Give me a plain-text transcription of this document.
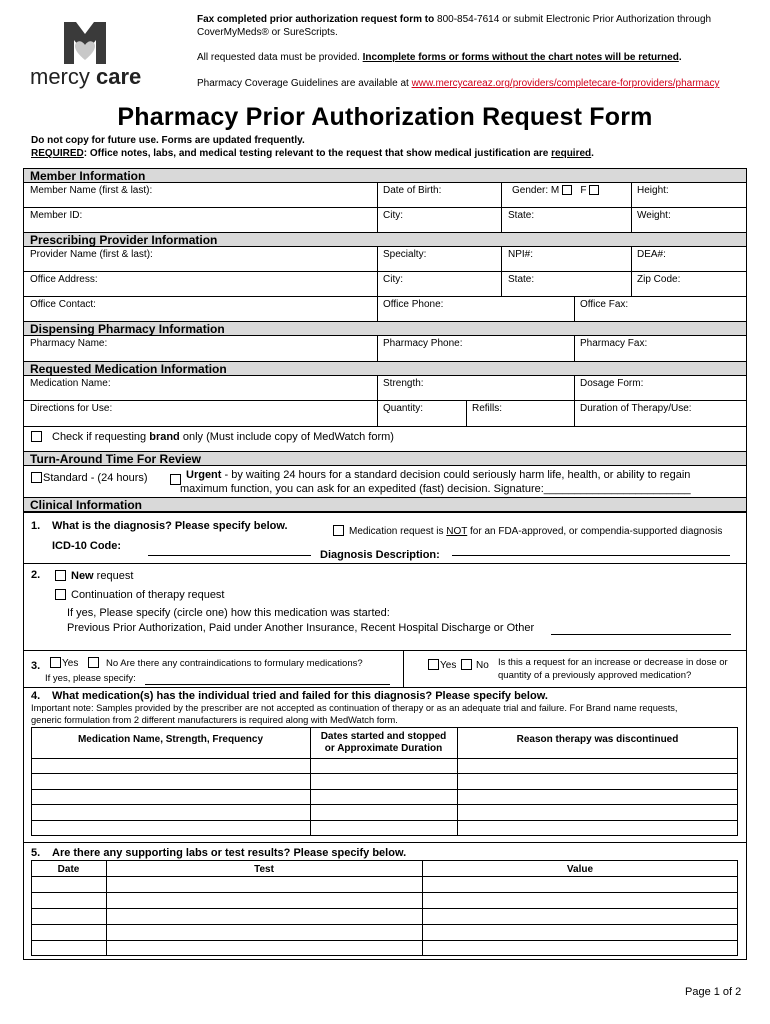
mercy care
Fax completed prior authorization request form to 800-854-7614 or submit Electronic Prior Authorization through
CoverMyMeds® or SureScripts.
All requested data must be provided. Incomplete forms or forms without the chart notes will be returned.
Pharmacy Coverage Guidelines are available at www.mercycareaz.org/providers/completecare-forproviders/pharmacy
Pharmacy Prior Authorization Request Form
Do not copy for future use. Forms are updated frequently.
REQUIRED: Office notes, labs, and medical testing relevant to the request that show medical justification are required.
Member Information
Member Name (first & last):	Date of Birth:	Gender: M F	Height:
Member ID:	City:	State:	Weight:
Prescribing Provider Information
Provider Name (first & last):	Specialty:	NPI#:	DEA#:
Office Address:	City:	State:	Zip Code:
Office Contact:	Office Phone:	Office Fax:
Dispensing Pharmacy Information
Pharmacy Name:	Pharmacy Phone:	Pharmacy Fax:
Requested Medication Information
Medication Name:	Strength:	Dosage Form:
Directions for Use:	Quantity:	Refills:	Duration of Therapy/Use:
Check if requesting brand only (Must include copy of MedWatch form)
Turn-Around Time For Review
Standard - (24 hours)	Urgent - by waiting 24 hours for a standard decision could seriously harm life, health, or ability to regain
maximum function, you can ask for an expedited (fast) decision. Signature:________________________
Clinical Information
1. What is the diagnosis? Please specify below.	Medication request is NOT for an FDA-approved, or compendia-supported diagnosis
ICD-10 Code:
Diagnosis Description:
2.	New request
Continuation of therapy request
If yes, Please specify (circle one) how this medication was started:
Previous Prior Authorization, Paid under Another Insurance, Recent Hospital Discharge or Other
3. Yes	No Are there any contraindications to formulary medications?
If yes, please specify:
Yes No Is this a request for an increase or decrease in dose or
quantity of a previously approved medication?
4. What medication(s) has the individual tried and failed for this diagnosis? Please specify below.
Important note: Samples provided by the prescriber are not accepted as continuation of therapy or as an adequate trial and failure. For Brand name requests,
generic formulation from 2 different manufacturers is required along with MedWatch form.
Medication Name, Strength, Frequency	Dates started and stopped
or Approximate Duration
Reason therapy was discontinued
5. Are there any supporting labs or test results? Please specify below.
Date	Test	Value
Page 1 of 2
